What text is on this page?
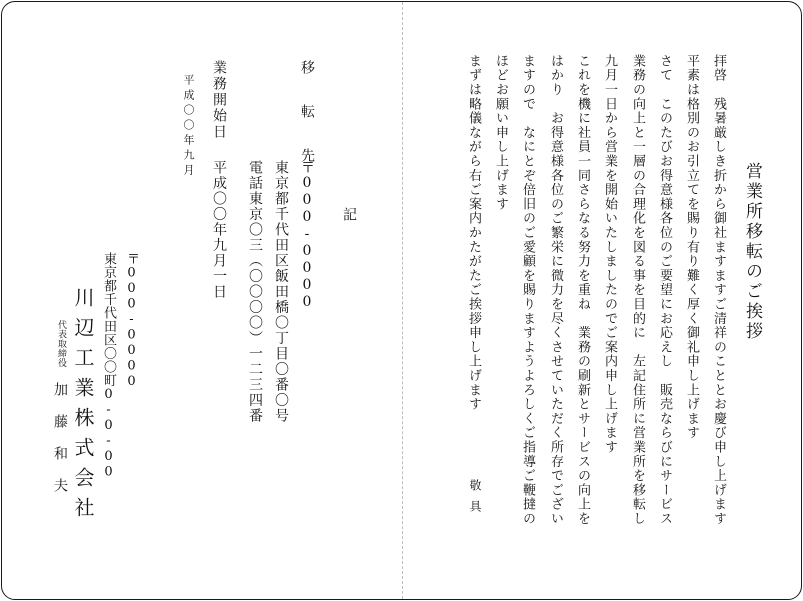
営業所移転のご挨拶
拝啓　残暑厳しき折から御社ますますご清祥のこととお慶び申し上げます
平素は格別のお引立てを賜り有り難く厚く御礼申し上げます
さて　このたびお得意様各位のご要望にお応えし　販売ならびにサービス
業務の向上と一層の合理化を図る事を目的に　左記住所に営業所を移転し
九月一日から営業を開始いたしましたのでご案内申し上げます
これを機に社員一同さらなる努力を重ね　業務の刷新とサービスの向上を
はかり　お得意様各位のご繁栄に微力を尽くさせていただく所存でござい
ますので　なにとぞ倍旧のご愛顧を賜りますようよろしくご指導ご鞭撻の
ほどお願い申し上げます
まずは略儀ながら右ご案内かたがたご挨拶申し上げます
敬具
記
移　転　先
〒000-0000
東京都千代田区飯田橋〇丁目〇番〇号
電話東京〇三（〇〇〇〇）一二三四番
業務開始日
平成〇〇年九月一日
平成〇〇年九月
〒000-0000
東京都千代田区〇〇町0-0-00
川辺工業株式会社
代表取締役
加藤和夫
